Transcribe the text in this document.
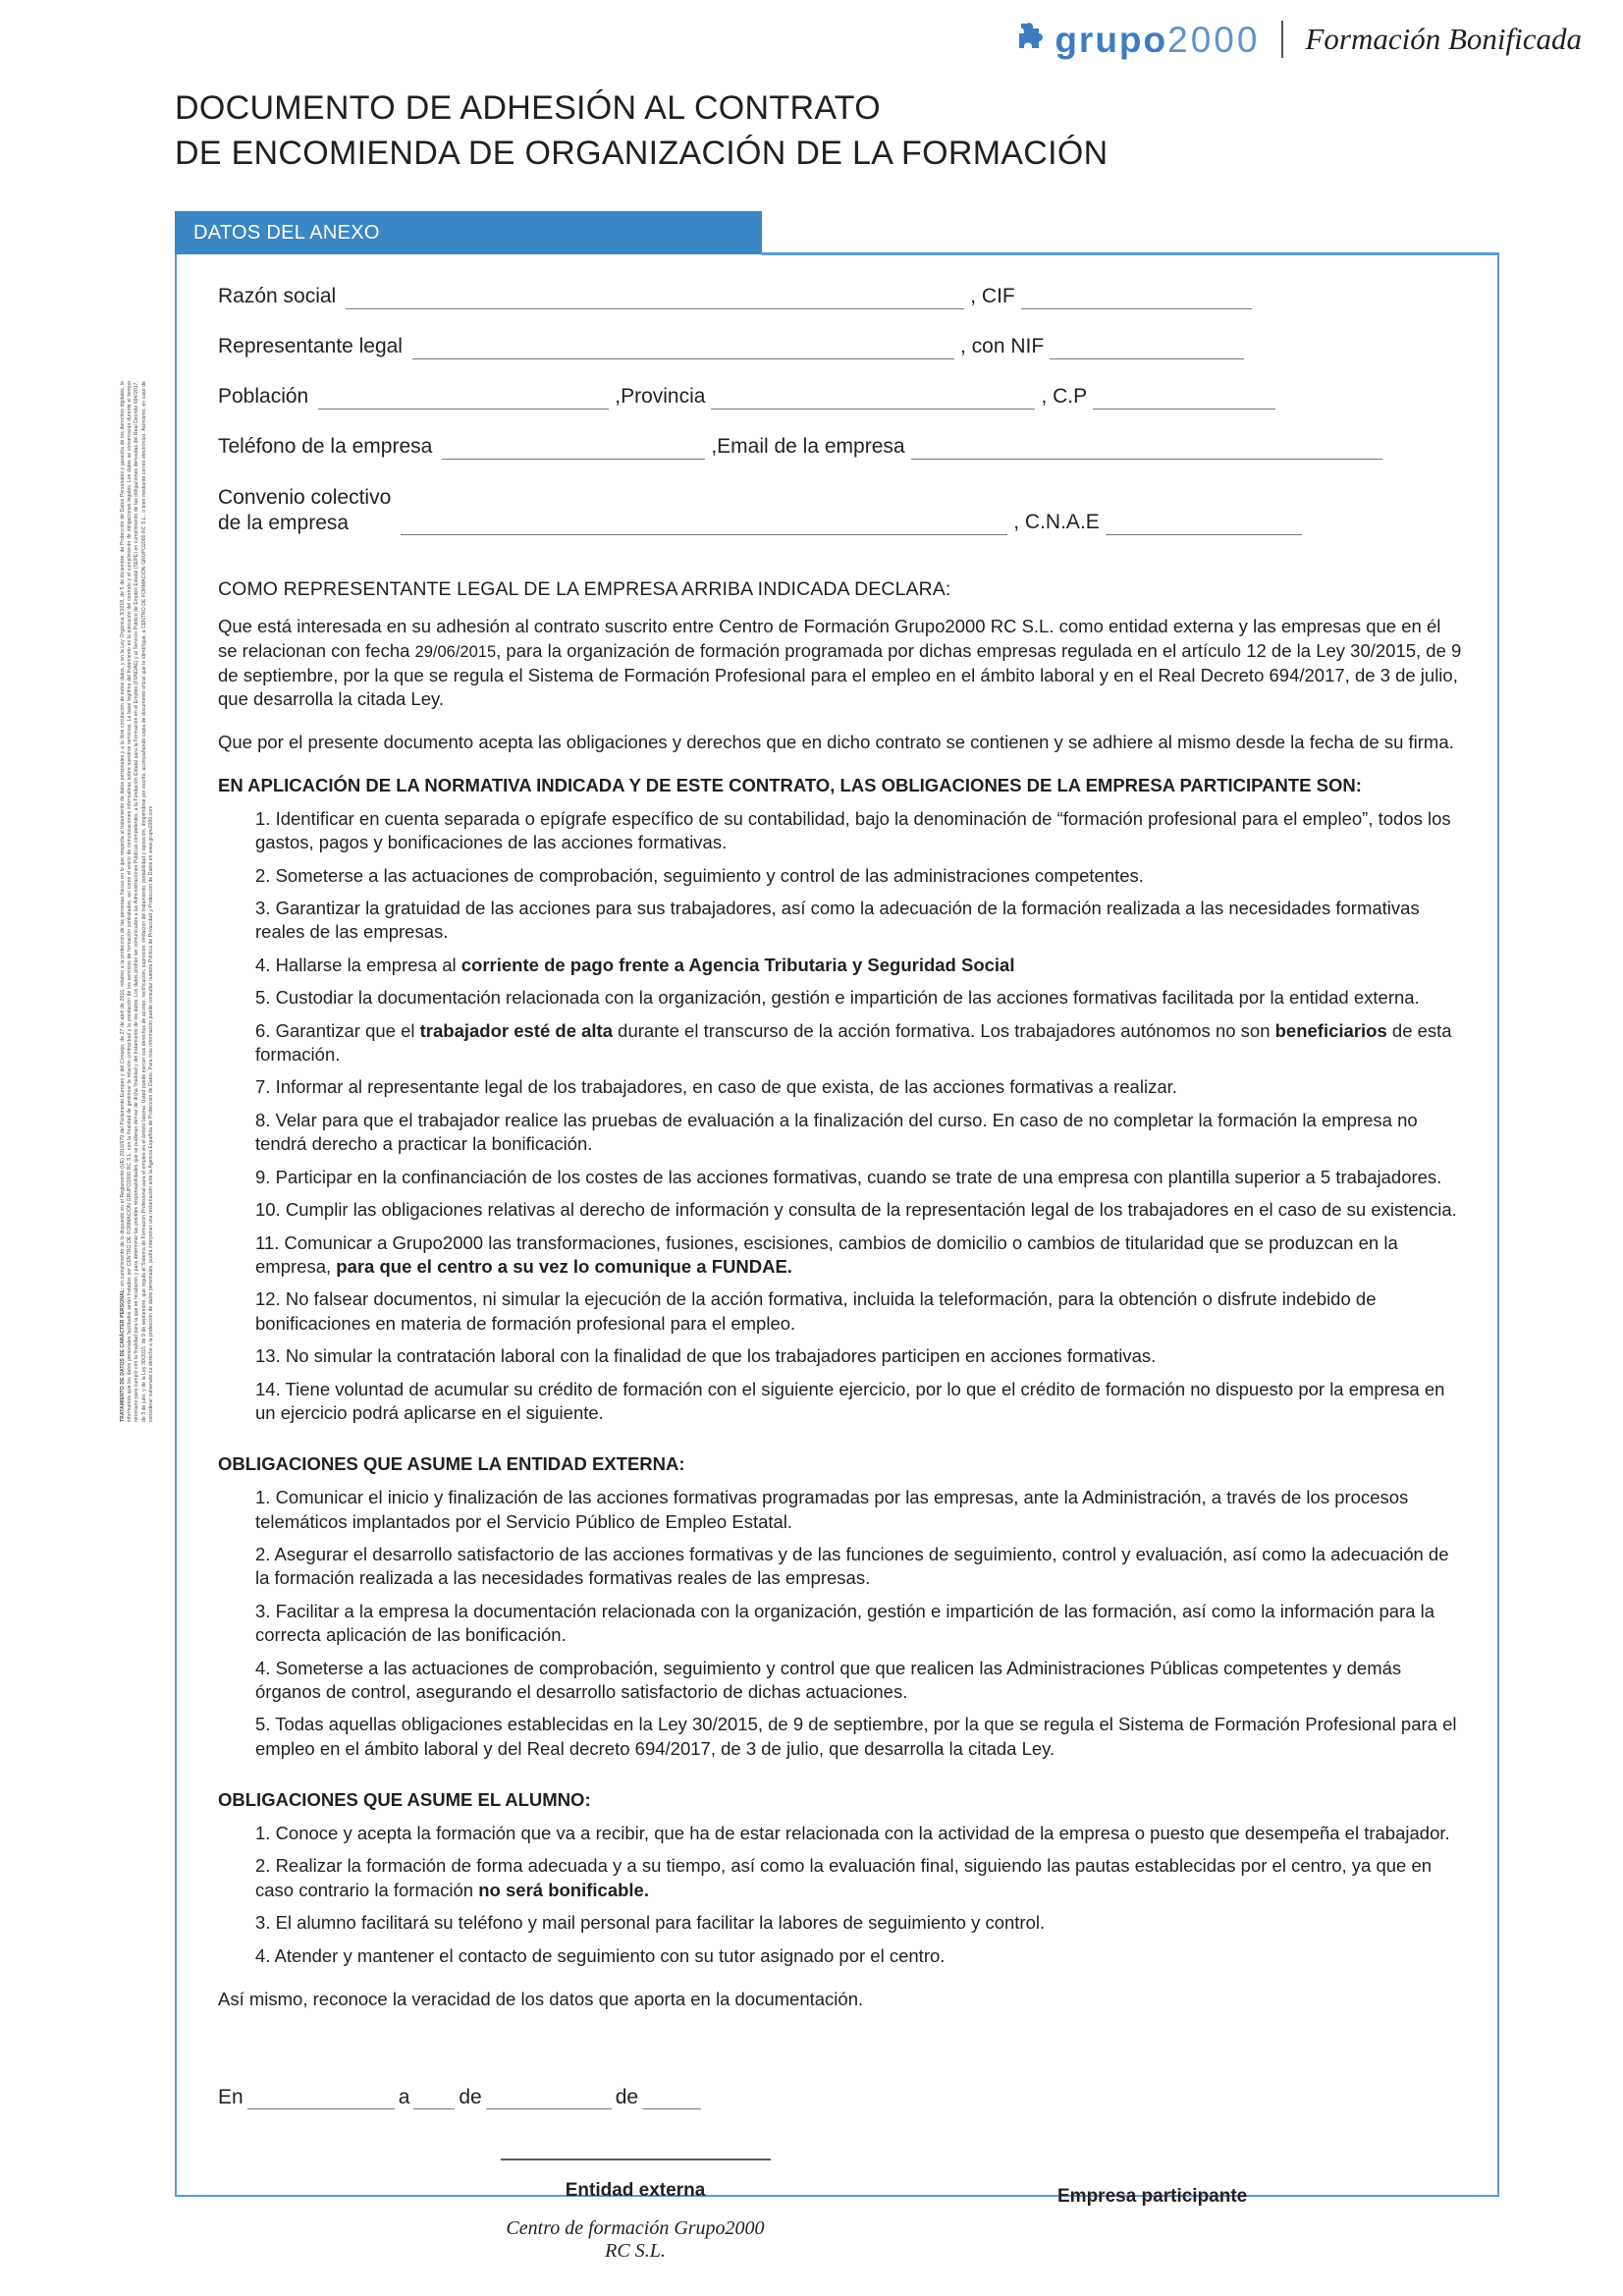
grupo2000 Formación Bonificada
DOCUMENTO DE ADHESIÓN AL CONTRATO
DE ENCOMIENDA DE ORGANIZACIÓN DE LA FORMACIÓN
DATOS DEL ANEXO
Razón social	, CIF
Representante legal	, con NIF
Población	,Provincia	, C.P
Teléfono de la empresa	,Email de la empresa
Convenio colectivo
de la empresa	, C.N.A.E
COMO REPRESENTANTE LEGAL DE LA EMPRESA ARRIBA INDICADA DECLARA:
Que está interesada en su adhesión al contrato suscrito entre Centro de Formación Grupo2000 RC S.L. como entidad externa y las empresas que en él se relacionan con fecha 29/06/2015, para la organización de formación programada por dichas empresas regulada en el artículo 12 de la Ley 30/2015, de 9 de septiembre, por la que se regula el Sistema de Formación Profesional para el empleo en el ámbito laboral y en el Real Decreto 694/2017, de 3 de julio, que desarrolla la citada Ley.
Que por el presente documento acepta las obligaciones y derechos que en dicho contrato se contienen y se adhiere al mismo desde la fecha de su firma.
EN APLICACIÓN DE LA NORMATIVA INDICADA Y DE ESTE CONTRATO, LAS OBLIGACIONES DE LA EMPRESA PARTICIPANTE SON:
1. Identificar en cuenta separada o epígrafe específico de su contabilidad, bajo la denominación de “formación profesional para el empleo”, todos los gastos, pagos y bonificaciones de las acciones formativas.
2. Someterse a las actuaciones de comprobación, seguimiento y control de las administraciones competentes.
3. Garantizar la gratuidad de las acciones para sus trabajadores, así como la adecuación de la formación realizada a las necesidades formativas reales de las empresas.
4. Hallarse la empresa al corriente de pago frente a Agencia Tributaria y Seguridad Social
5. Custodiar la documentación relacionada con la organización, gestión e impartición de las acciones formativas facilitada por la entidad externa.
6. Garantizar que el trabajador esté de alta durante el transcurso de la acción formativa. Los trabajadores autónomos no son beneficiarios de esta formación.
7. Informar al representante legal de los trabajadores, en caso de que exista, de las acciones formativas a realizar.
8. Velar para que el trabajador realice las pruebas de evaluación a la finalización del curso. En caso de no completar la formación la empresa no tendrá derecho a practicar la bonificación.
9. Participar en la confinanciación de los costes de las acciones formativas, cuando se trate de una empresa con plantilla superior a 5 trabajadores.
10. Cumplir las obligaciones relativas al derecho de información y consulta de la representación legal de los trabajadores en el caso de su existencia.
11. Comunicar a Grupo2000 las transformaciones, fusiones, escisiones, cambios de domicilio o cambios de titularidad que se produzcan en la empresa, para que el centro a su vez lo comunique a FUNDAE.
12. No falsear documentos, ni simular la ejecución de la acción formativa, incluida la teleformación, para la obtención o disfrute indebido de bonificaciones en materia de formación profesional para el empleo.
13. No simular la contratación laboral con la finalidad de que los trabajadores participen en acciones formativas.
14. Tiene voluntad de acumular su crédito de formación con el siguiente ejercicio, por lo que el crédito de formación no dispuesto por la empresa en un ejercicio podrá aplicarse en el siguiente.
OBLIGACIONES QUE ASUME LA ENTIDAD EXTERNA:
1. Comunicar el inicio y finalización de las acciones formativas programadas por las empresas, ante la Administración, a través de los procesos telemáticos implantados por el Servicio Público de Empleo Estatal.
2. Asegurar el desarrollo satisfactorio de las acciones formativas y de las funciones de seguimiento, control y evaluación, así como la adecuación de la formación realizada a las necesidades formativas reales de las empresas.
3. Facilitar a la empresa la documentación relacionada con la organización, gestión e impartición de las formación, así como la información para la correcta aplicación de las bonificación.
4. Someterse a las actuaciones de comprobación, seguimiento y control que que realicen las Administraciones Públicas competentes y demás órganos de control, asegurando el desarrollo satisfactorio de dichas actuaciones.
5. Todas aquellas obligaciones establecidas en la Ley 30/2015, de 9 de septiembre, por la que se regula el Sistema de Formación Profesional para el empleo en el ámbito laboral y del Real decreto 694/2017, de 3 de julio, que desarrolla la citada Ley.
OBLIGACIONES QUE ASUME EL ALUMNO:
1. Conoce y acepta la formación que va a recibir, que ha de estar relacionada con la actividad de la empresa o puesto que desempeña el trabajador.
2. Realizar la formación de forma adecuada y a su tiempo, así como la evaluación final, siguiendo las pautas establecidas por el centro, ya que en caso contrario la formación no será bonificable.
3. El alumno facilitará su teléfono y mail personal para facilitar la labores de seguimiento y control.
4. Atender y mantener el contacto de seguimiento con su tutor asignado por el centro.
Así mismo, reconoce la veracidad de los datos que aporta en la documentación.
En	a de	de
Entidad externa
Centro de formación Grupo2000 RC S.L.
Empresa participante
TRATAMIENTO DE DATOS DE CARÁCTER PERSONAL: en cumplimiento de lo dispuesto en el Reglamento (UE) 2016/679 del Parlamento Europeo y del Consejo, de 27 de abril de 2016, relativo a la protección de las personas físicas en lo que respecta al tratamiento de datos personales y a la libre circulación de estos datos, y en la Ley Orgánica 3/2018, de 5 de diciembre, de Protección de Datos Personales y garantía de los derechos digitales, le informamos que los datos personales facilitados serán tratados por CENTRO DE FORMACIÓN GRUPO2000 RC S.L. con la finalidad de gestionar la relación contractual y la prestación de los servicios de formación contratados, así como el envío de comunicaciones informativas sobre nuestros servicios. La base legítima del tratamiento es la ejecución del contrato y el cumplimiento de obligaciones legales. Los datos se conservarán durante el tiempo necesario para cumplir con la finalidad para la que se recabaron y para determinar las posibles responsabilidades que se pudieran derivar de dicha finalidad y del tratamiento de los datos. Los datos podrán ser comunicados a las Administraciones Públicas competentes, a la Fundación Estatal para la Formación en el Empleo (FUNDAE) y al Servicio Público de Empleo Estatal (SEPE) en cumplimiento de las obligaciones derivadas del Real Decreto 694/2017, de 3 de julio, y de la Ley 30/2015, de 9 de septiembre, que regula el Sistema de Formación Profesional para el empleo en el ámbito laboral. Usted puede ejercer sus derechos de acceso, rectificación, supresión, limitación del tratamiento, portabilidad y oposición, dirigiéndose por escrito, acompañando copia de documento oficial que le identifique, a CENTRO DE FORMACIÓN GRUPO2000 RC S.L., o bien mediante correo electrónico. Asimismo, en caso de considerar vulnerado su derecho a la protección de datos personales, podrá interponer una reclamación ante la Agencia Española de Protección de Datos. Para más información puede consultar nuestra Política de Privacidad y Protección de Datos en www.grupo2000.com
